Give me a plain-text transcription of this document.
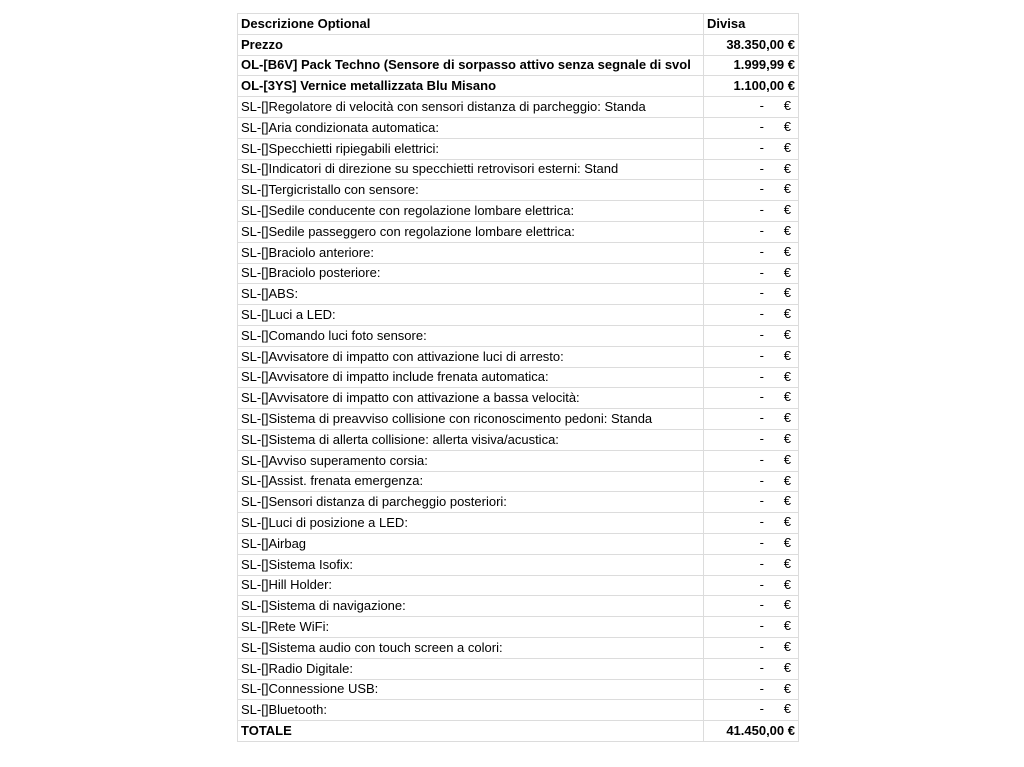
Descrizione Optional	Divisa
Prezzo	38.350,00 €
OL-[B6V] Pack Techno (Sensore di sorpasso attivo senza segnale di svol	1.999,99 €
OL-[3YS] Vernice metallizzata Blu Misano	1.100,00 €
SL-[]Regolatore di velocità con sensori distanza di parcheggio: Standa	- €

SL-[]Aria condizionata automatica:	- €

SL-[]Specchietti ripiegabili elettrici:	- €

SL-[]Indicatori di direzione su specchietti retrovisori esterni: Stand	- €

SL-[]Tergicristallo con sensore:	- €

SL-[]Sedile conducente con regolazione lombare elettrica:	- €

SL-[]Sedile passeggero con regolazione lombare elettrica:	- €

SL-[]Braciolo anteriore:	- €

SL-[]Braciolo posteriore:	- €

SL-[]ABS:	- €

SL-[]Luci a LED:	- €

SL-[]Comando luci foto sensore:	- €

SL-[]Avvisatore di impatto con attivazione luci di arresto:	- €

SL-[]Avvisatore di impatto include frenata automatica:	- €

SL-[]Avvisatore di impatto con attivazione a bassa velocità:	- €

SL-[]Sistema di preavviso collisione con riconoscimento pedoni: Standa	- €

SL-[]Sistema di allerta collisione: allerta visiva/acustica:	- €

SL-[]Avviso superamento corsia:	- €

SL-[]Assist. frenata emergenza:	- €

SL-[]Sensori distanza di parcheggio posteriori:	- €

SL-[]Luci di posizione a LED:	- €

SL-[]Airbag	- €

SL-[]Sistema Isofix:	- €

SL-[]Hill Holder:	- €

SL-[]Sistema di navigazione:	- €

SL-[]Rete WiFi:	- €

SL-[]Sistema audio con touch screen a colori:	- €

SL-[]Radio Digitale:	- €

SL-[]Connessione USB:	- €

SL-[]Bluetooth:	- €

TOTALE	41.450,00 €
